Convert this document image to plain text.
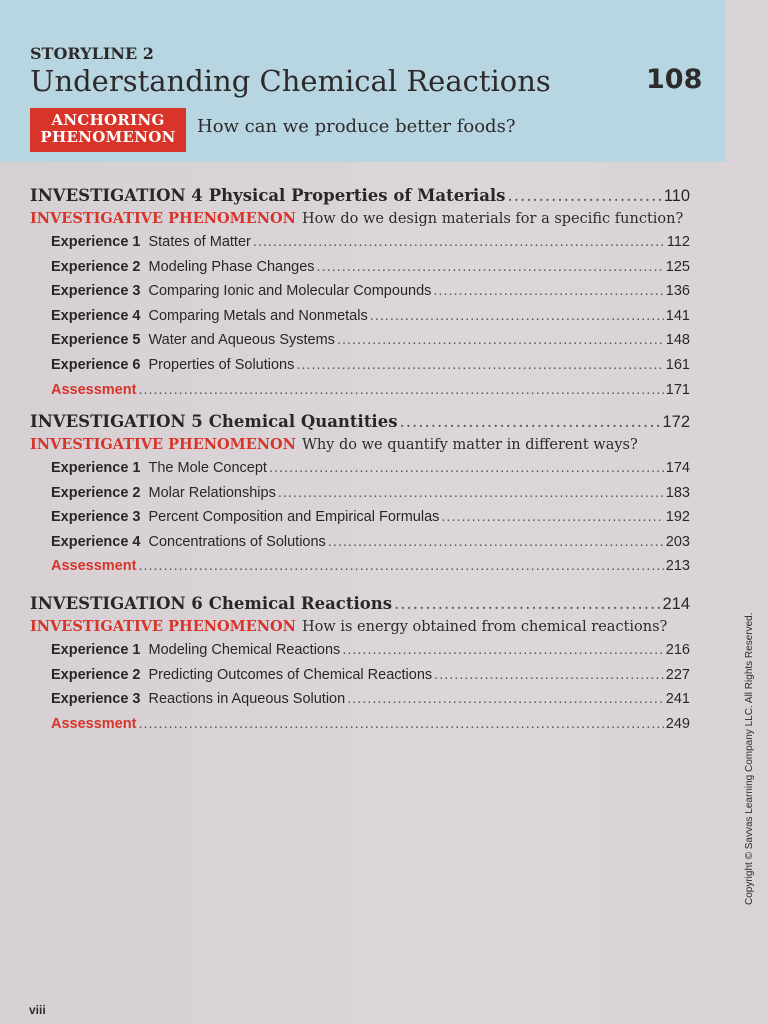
STORYLINE 2
Understanding Chemical Reactions	108
ANCHORING
PHENOMENON	How can we produce better foods?
INVESTIGATION 4 Physical Properties of Materials .....	110
INVESTIGATIVE PHENOMENON How do we design materials for a specific function?
Experience 1 States of Matter .....	112
Experience 2 Modeling Phase Changes .....	125
Experience 3 Comparing Ionic and Molecular Compounds .....	136
Experience 4 Comparing Metals and Nonmetals .....	141
Experience 5 Water and Aqueous Systems .....	148
Experience 6 Properties of Solutions .....	161
Assessment .....	171
INVESTIGATION 5 Chemical Quantities .....	172
INVESTIGATIVE PHENOMENON Why do we quantify matter in different ways?
Experience 1 The Mole Concept .....	174
Experience 2 Molar Relationships .....	183
Experience 3 Percent Composition and Empirical Formulas .....	192
Experience 4 Concentrations of Solutions .....	203
Assessment .....	213
INVESTIGATION 6 Chemical Reactions .....	214
INVESTIGATIVE PHENOMENON How is energy obtained from chemical reactions?
Experience 1 Modeling Chemical Reactions .....	216
Experience 2 Predicting Outcomes of Chemical Reactions .....	227
Experience 3 Reactions in Aqueous Solution .....	241
Assessment .....	249	Copyright © Savvas Learning Company LLC. All Rights Reserved.
viii
